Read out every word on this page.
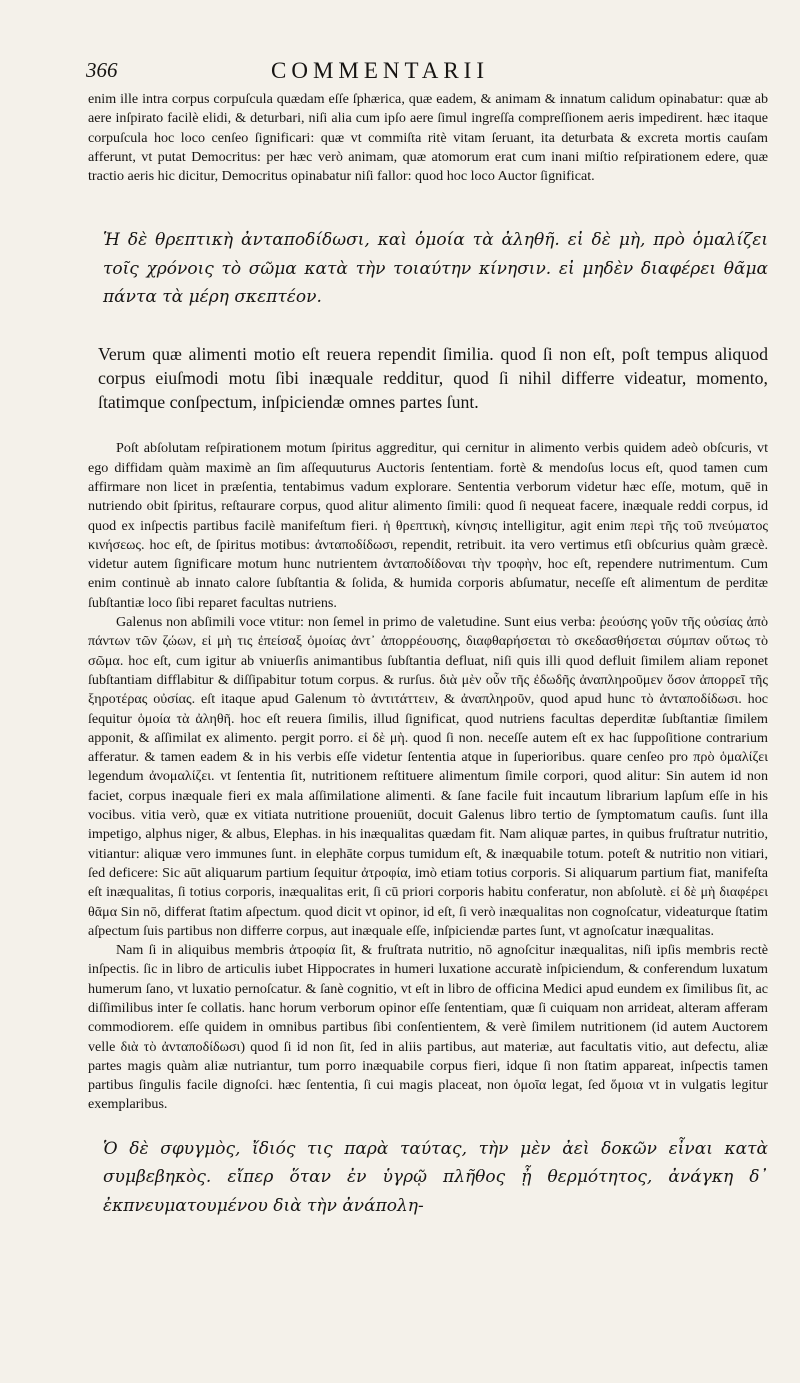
366	COMMENTARII

enim ille intra corpus corpuſcula quædam eſſe ſphærica, quæ eadem, & animam & innatum calidum opinabatur: quæ ab aere inſpirato facilè elidi, & deturbari, niſi alia cum ipſo aere ſimul ingreſſa compreſſionem aeris impedirent. hæc itaque corpuſcula hoc loco cenſeo ſignificari: quæ vt commiſta ritè vitam ſeruant, ita deturbata & excreta mortis cauſam afferunt, vt putat Democritus: per hæc verò animam, quæ atomorum erat cum inani miſtio reſpirationem edere, quæ tractio aeris hic dicitur, Democritus opinabatur niſi fallor: quod hoc loco Auctor ſignificat.

Ἡ δὲ θρεπτικὴ ἀνταποδίδωσι, καὶ ὁμοία τὰ ἀληθῆ. εἰ δὲ μὴ, πρὸ ὁμαλίζει τοῖς χρόνοις τὸ σῶμα κατὰ τὴν τοιαύτην κίνησιν. εἰ μηδὲν διαφέρει θᾶμα πάντα τὰ μέρη σκεπτέον.

Verum quæ alimenti motio eſt reuera rependit ſimilia. quod ſi non eſt, poſt tempus aliquod corpus eiuſmodi motu ſibi inæquale redditur, quod ſi nihil differre videatur, momento, ſtatimque conſpectum, inſpiciendæ omnes partes ſunt.

Poſt abſolutam reſpirationem motum ſpiritus aggreditur, qui cernitur in alimento verbis quidem adeò obſcuris, vt ego diffidam quàm maximè an ſim aſſequuturus Auctoris ſententiam. fortè & mendoſus locus eſt, quod tamen cum affirmare non licet in præſentia, tentabimus vadum explorare. Sententia verborum videtur hæc eſſe, motum, quē in nutriendo obit ſpiritus, reſtaurare corpus, quod alitur alimento ſimili: quod ſi nequeat facere, inæquale reddi corpus, id quod ex inſpectis partibus facilè manifeſtum fieri. ἡ θρεπτικὴ, κίνησις intelligitur, agit enim περὶ τῆς τοῦ πνεύματος κινήσεως. hoc eſt, de ſpiritus motibus: ἀνταποδίδωσι, rependit, retribuit. ita vero vertimus etſi obſcurius quàm græcè. videtur autem ſignificare motum hunc nutrientem ἀνταποδίδοναι τὴν τροφὴν, hoc eſt, rependere nutrimentum. Cum enim continuè ab innato calore ſubſtantia & ſolida, & humida corporis abſumatur, neceſſe eſt alimentum de perditæ ſubſtantiæ loco ſibi reparet facultas nutriens.

Galenus non abſimili voce vtitur: non ſemel in primo de valetudine. Sunt eius verba: ῥεούσης γοῦν τῆς οὐσίας ἀπὸ πάντων τῶν ζώων, εἰ μὴ τις ἐπείσαξ ὁμοίας ἀντ᾽ ἀπορρέουσης, διαφθαρήσεται τὸ σκεδασθήσεται σύμπαν οὕτως τὸ σῶμα. hoc eſt, cum igitur ab vniuerſis animantibus ſubſtantia defluat, niſi quis illi quod defluit ſimilem aliam reponet ſubſtantiam difflabitur & diſſipabitur totum corpus. & rurſus. διὰ μὲν οὖν τῆς ἐδωδῆς ἀναπληροῦμεν ὅσον ἀπορρεῖ τῆς ξηροτέρας οὐσίας. eſt itaque apud Galenum τὸ ἀντιτάττειν, & ἀναπληροῦν, quod apud hunc τὸ ἀνταποδίδωσι. hoc ſequitur ὁμοία τὰ ἀληθῆ. hoc eſt reuera ſimilis, illud ſignificat, quod nutriens facultas deperditæ ſubſtantiæ ſimilem apponit, & aſſimilat ex alimento. pergit porro. εἰ δὲ μὴ. quod ſi non. neceſſe autem eſt ex hac ſuppoſitione contrarium afferatur. & tamen eadem & in his verbis eſſe videtur ſententia atque in ſuperioribus. quare cenſeo pro πρὸ ὁμαλίζει legendum ἀνομαλίζει. vt ſententia ſit, nutritionem reſtituere alimentum ſimile corpori, quod alitur: Sin autem id non faciet, corpus inæquale fieri ex mala aſſimilatione alimenti. & ſane facile fuit incautum librarium lapſum eſſe in his vocibus. vitia verò, quæ ex vitiata nutritione proueniūt, docuit Galenus libro tertio de ſymptomatum cauſis. ſunt illa impetigo, alphus niger, & albus, Elephas. in his inæqualitas quædam fit. Nam aliquæ partes, in quibus fruſtratur nutritio, vitiantur: aliquæ vero immunes ſunt. in elephāte corpus tumidum eſt, & inæquabile totum. poteſt & nutritio non vitiari, ſed deficere: Sic aūt aliquarum partium ſequitur ἀτροφία, imò etiam totius corporis. Si aliquarum partium fiat, manifeſta eſt inæqualitas, ſi totius corporis, inæqualitas erit, ſi cū priori corporis habitu conferatur, non abſolutè. εἰ δὲ μὴ διαφέρει θᾶμα Sin nō, differat ſtatim aſpectum. quod dicit vt opinor, id eſt, ſi verò inæqualitas non cognoſcatur, videaturque ſtatim aſpectum ſuis partibus non differre corpus, aut inæquale eſſe, inſpiciendæ partes ſunt, vt agnoſcatur inæqualitas.

Nam ſi in aliquibus membris ἀτροφία ſit, & fruſtrata nutritio, nō agnoſcitur inæqualitas, niſi ipſis membris rectè inſpectis. ſic in libro de articulis iubet Hippocrates in humeri luxatione accuratè inſpiciendum, & conferendum luxatum humerum ſano, vt luxatio pernoſcatur. & ſanè cognitio, vt eſt in libro de officina Medici apud eundem ex ſimilibus ſit, ac diſſimilibus inter ſe collatis. hanc horum verborum opinor eſſe ſententiam, quæ ſi cuiquam non arrideat, alteram afferam commodiorem. eſſe quidem in omnibus partibus ſibi conſentientem, & verè ſimilem nutritionem (id autem Auctorem velle διὰ τὸ ἀνταποδίδωσι) quod ſi id non ſit, ſed in aliis partibus, aut materiæ, aut facultatis vitio, aut defectu, aliæ partes magis quàm aliæ nutriantur, tum porro inæquabile corpus fieri, idque ſi non ſtatim appareat, inſpectis tamen partibus ſingulis facile dignoſci. hæc ſententia, ſi cui magis placeat, non ὁμοῖα legat, ſed ὅμοια vt in vulgatis legitur exemplaribus.

Ὁ δὲ σφυγμὸς, ἴδιός τις παρὰ ταύτας, τὴν μὲν ἀεὶ δοκῶν εἶναι κατὰ συμβεβηκὸς. εἴπερ ὅταν ἐν ὑγρῷ πλῆθος ᾖ θερμότητος, ἀνάγκη δ᾽ ἐκπνευματουμένου διὰ τὴν ἀνάπολη-
